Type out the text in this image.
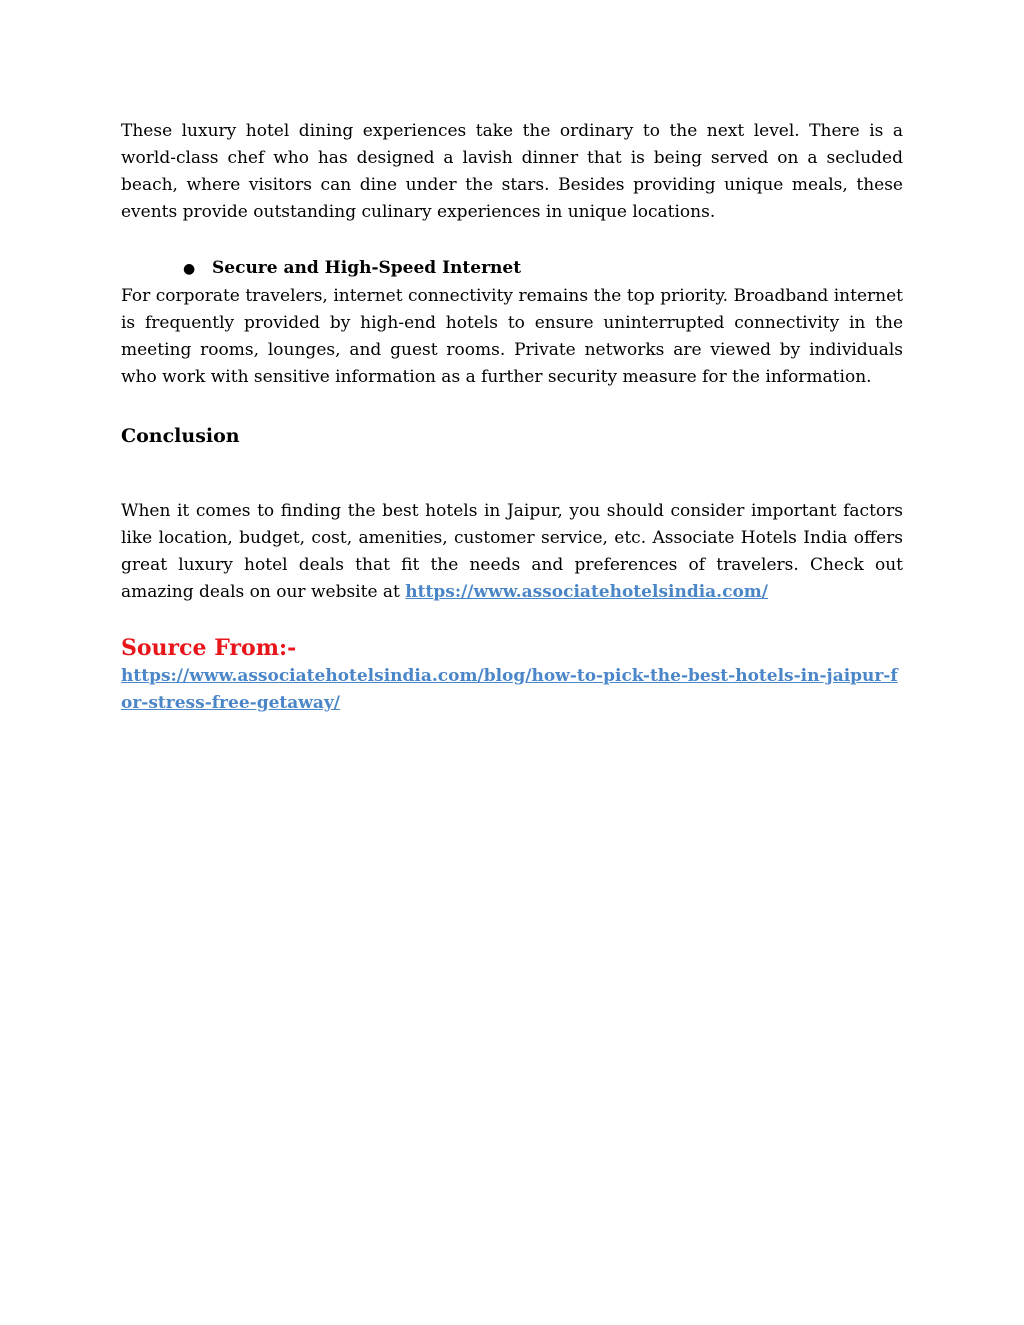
These luxury hotel dining experiences take the ordinary to the next level. There is a world-class chef who has designed a lavish dinner that is being served on a secluded beach, where visitors can dine under the stars. Besides providing unique meals, these events provide outstanding culinary experiences in unique locations.

● Secure and High-Speed Internet

For corporate travelers, internet connectivity remains the top priority. Broadband internet is frequently provided by high-end hotels to ensure uninterrupted connectivity in the meeting rooms, lounges, and guest rooms. Private networks are viewed by individuals who work with sensitive information as a further security measure for the information.

Conclusion

When it comes to finding the best hotels in Jaipur, you should consider important factors like location, budget, cost, amenities, customer service, etc. Associate Hotels India offers great luxury hotel deals that fit the needs and preferences of travelers. Check out amazing deals on our website at https://www.associatehotelsindia.com/

Source From:-
https://www.associatehotelsindia.com/blog/how-to-pick-the-best-hotels-in-jaipur-for-stress-free-getaway/
